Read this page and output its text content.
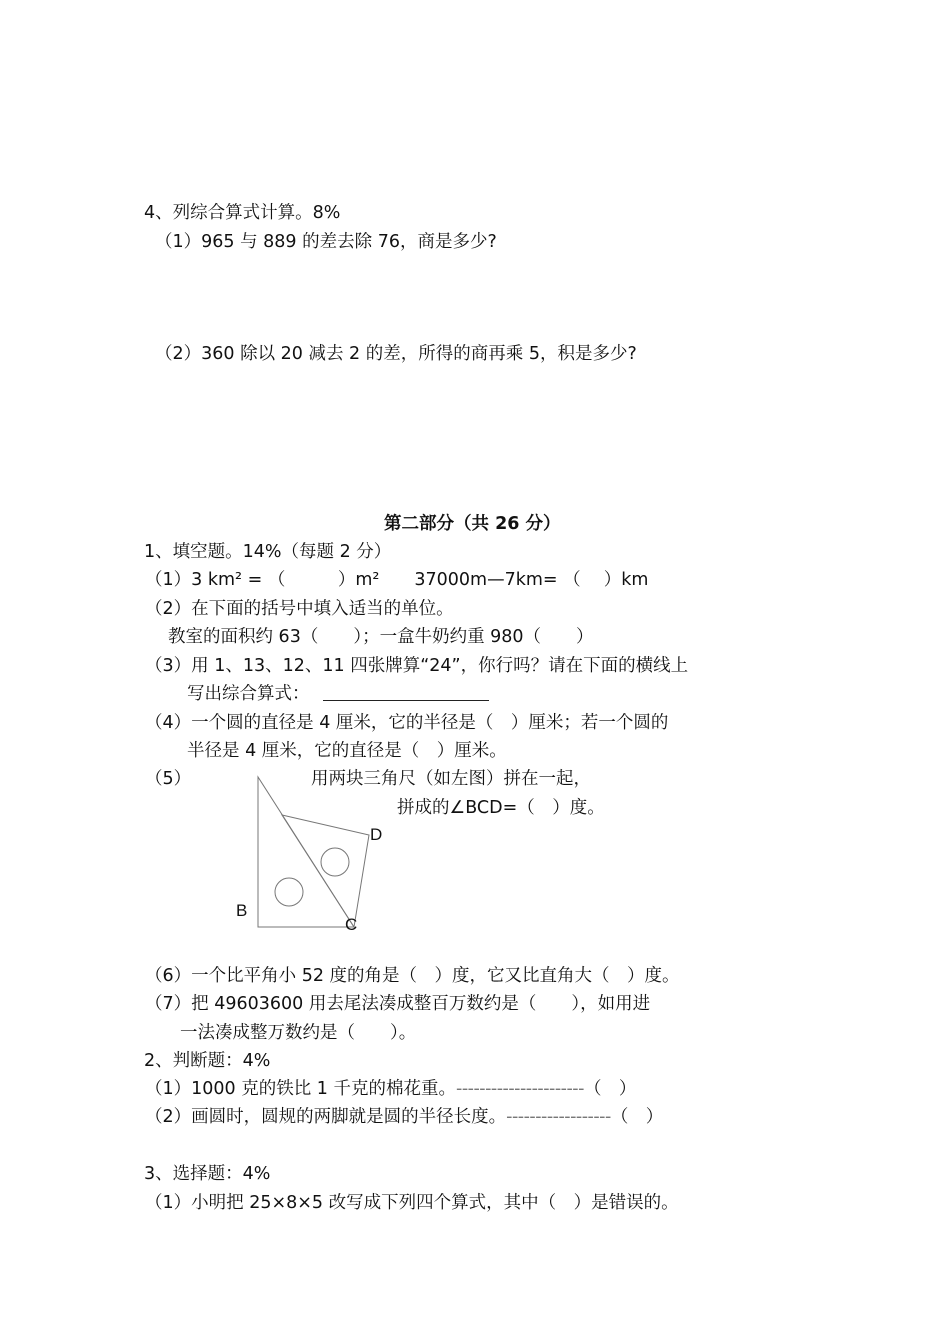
4、列综合算式计算。8%
（1）965 与 889 的差去除 76，商是多少?
（2）360 除以 20 减去 2 的差，所得的商再乘 5，积是多少?
第二部分（共 26 分）
1、填空题。14%（每题 2 分）
（1）3 km² = （　　　）m²　　37000m—7km= （　 ）km
（2）在下面的括号中填入适当的单位。
教室的面积约 63（　　）；一盒牛奶约重 980（　　）
（3）用 1、13、12、11 四张牌算“24”，你行吗？请在下面的横线上
写出综合算式：
（4）一个圆的直径是 4 厘米，它的半径是（　）厘米；若一个圆的
半径是 4 厘米，它的直径是（　）厘米。
（5）	用两块三角尺（如左图）拼在一起，
拼成的∠BCD=（　）度。
B
C
D
（6）一个比平角小 52 度的角是（　）度，它又比直角大（　）度。
（7）把 49603600 用去尾法凑成整百万数约是（　　），如用进
一法凑成整万数约是（　　）。
2、判断题：4%
（1）1000 克的铁比 1 千克的棉花重。----------------------（　）
（2）画圆时，圆规的两脚就是圆的半径长度。------------------（　）
3、选择题：4%
（1）小明把 25×8×5 改写成下列四个算式，其中（　）是错误的。
